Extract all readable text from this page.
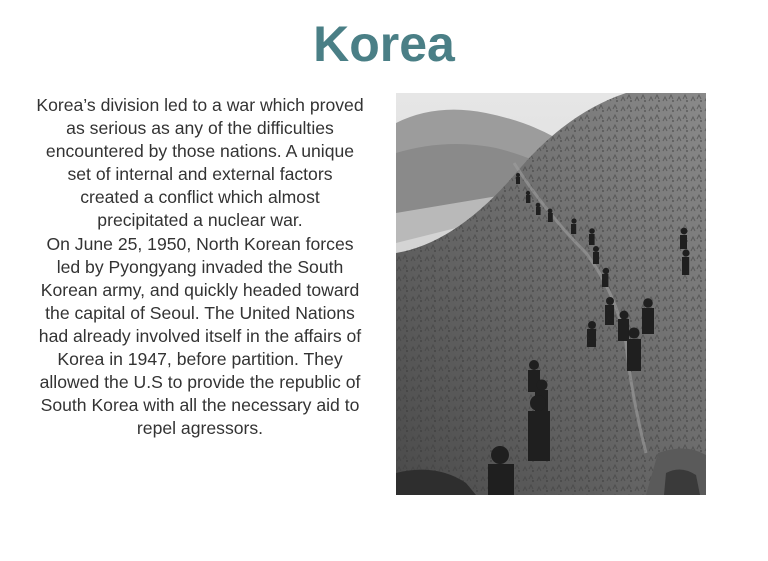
Korea

Korea’s division led to a war which proved as serious as any of the difficulties encountered by those nations. A unique set of internal and external factors created a conflict which almost precipitated a nuclear war.

On June 25, 1950, North Korean forces led by Pyongyang invaded the South Korean army, and quickly headed toward the capital of Seoul. The United Nations had already involved itself in the affairs of Korea in 1947, before partition. They allowed the U.S to provide the republic of South Korea with all the necessary aid to repel agressors.
